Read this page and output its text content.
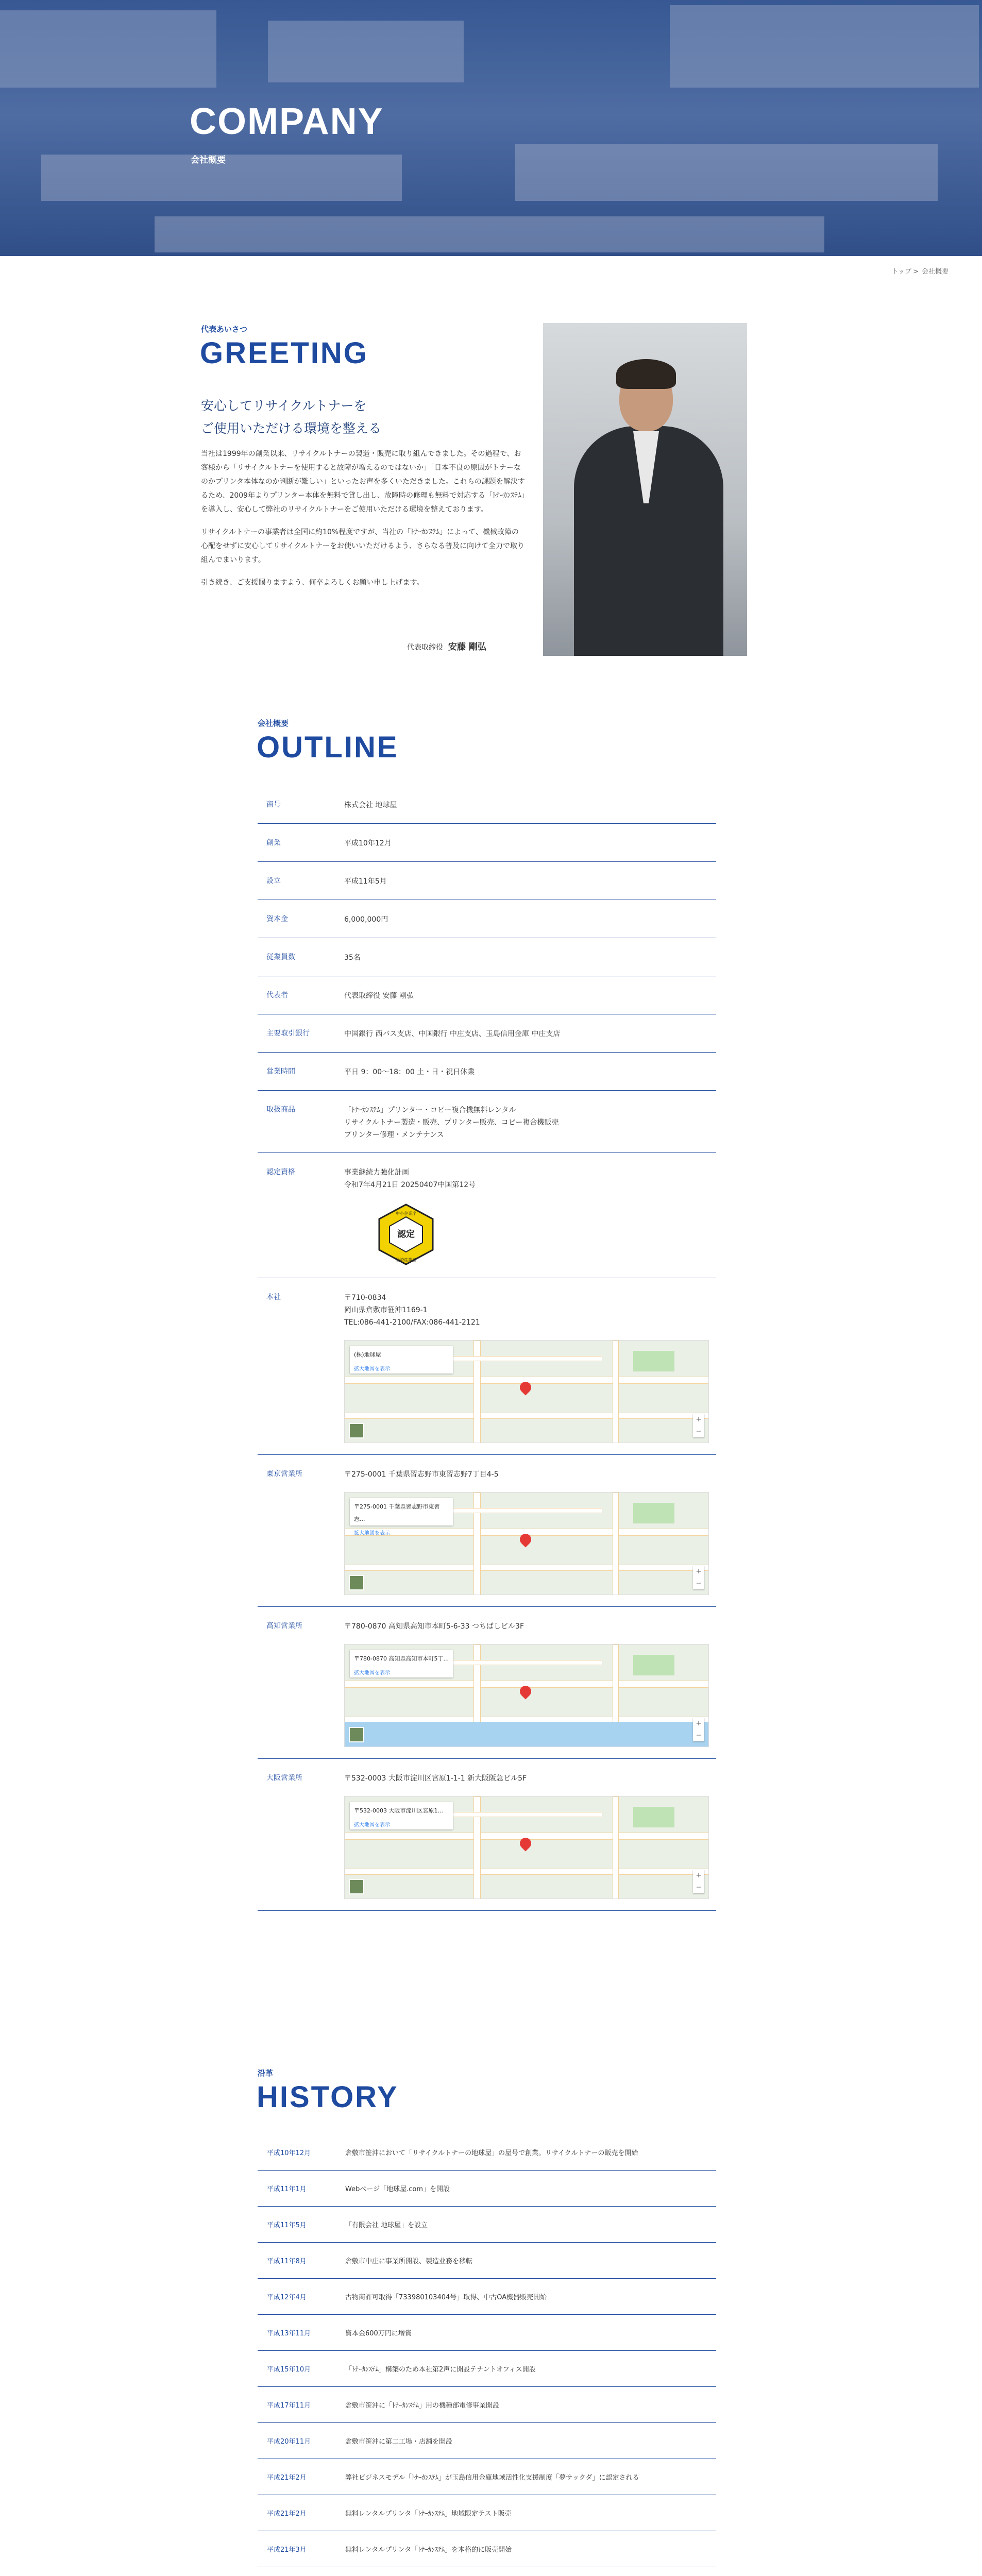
COMPANY
会社概要
トップ > 会社概要
代表あいさつ
GREETING
安心してリサイクルトナーを
ご使用いただける環境を整える

当社は1999年の創業以来、リサイクルトナーの製造・販売に取り組んできました。その過程で、お客様から「リサイクルトナーを使用すると故障が増えるのではないか」「日本不良の原因がトナーなのかプリンタ本体なのか判断が難しい」といったお声を多くいただきました。これらの課題を解決するため、2009年よりプリンター本体を無料で貸し出し、故障時の修理も無料で対応する「ﾄﾅｰｶﾝｽﾃﾑ」を導入し、安心して弊社のリサイクルトナーをご使用いただける環境を整えております。

リサイクルトナーの事業者は全国に約10%程度ですが、当社の「ﾄﾅｰｶﾝｽﾃﾑ」によって、機械故障の心配をせずに安心してリサイクルトナーをお使いいただけるよう、さらなる普及に向けて全力で取り組んでまいります。

引き続き、ご支援賜りますよう、何卒よろしくお願い申し上げます。

代表取締役 安藤 剛弘
会社概要
OUTLINE
商号	株式会社 地球屋
創業	平成10年12月
設立	平成11年5月
資本金	6,000,000円
従業員数	35名
代表者	代表取締役 安藤 剛弘
主要取引銀行	中国銀行 西バス支店、中国銀行 中庄支店、玉島信用金庫 中庄支店
営業時間	平日 9：00〜18：00 土・日・祝日休業
取扱商品	「ﾄﾅｰｶﾝｽﾃﾑ」プリンター・コピー複合機無料レンタル
リサイクルトナー製造・販売、プリンター販売、コピー複合機販売
プリンター修理・メンテナンス
認定資格	事業継続力強化計画
令和7年4月21日 20250407中国第12号
中小企業庁
認定
経済産業省
本社	〒710-0834
岡山県倉敷市笹沖1169-1
TEL:086-441-2100/FAX:086-441-2121
(株)地球屋
拡大地図を表示
+
−
東京営業所	〒275-0001 千葉県習志野市東習志野7丁目4-5
〒275-0001 千葉県習志野市東習志...
拡大地図を表示
+
−
高知営業所	〒780-0870 高知県高知市本町5-6-33 つちばしビル3F
〒780-0870 高知県高知市本町5丁...
拡大地図を表示
+
−
大阪営業所	〒532-0003 大阪市淀川区宮原1-1-1 新大阪阪急ビル5F
〒532-0003 大阪市淀川区宮原1...
拡大地図を表示
+
−
沿革
HISTORY
平成10年12月	倉敷市笹沖において「リサイクルトナーの地球屋」の屋号で創業。リサイクルトナーの販売を開始
平成11年1月	Webページ「地球屋.com」を開設
平成11年5月	「有限会社 地球屋」を設立
平成11年8月	倉敷市中庄に事業所開設、製造业務を移転
平成12年4月	古物商許可取得「733980103404号」取得、中古OA機器販売開始
平成13年11月	資本金600万円に増資
平成15年10月	「ﾄﾅｰｶﾝｽﾃﾑ」構築のため本社第2声に開設テナントオフィス開設
平成17年11月	倉敷市笹沖に「ﾄﾅｰｶﾝｽﾃﾑ」用の機種部電修事業開設
平成20年11月	倉敷市笹沖に第二工場・店舗を開設
平成21年2月	弊社ビジネスモデル「ﾄﾅｰｶﾝｽﾃﾑ」が玉島信用金庫地域活性化支援制度「夢サックダ」に認定される
平成21年2月	無料レンタルプリンタ「ﾄﾅｰｶﾝｽﾃﾑ」地域限定テスト販売
平成21年3月	無料レンタルプリンタ「ﾄﾅｰｶﾝｽﾃﾑ」を本格的に販売開始
